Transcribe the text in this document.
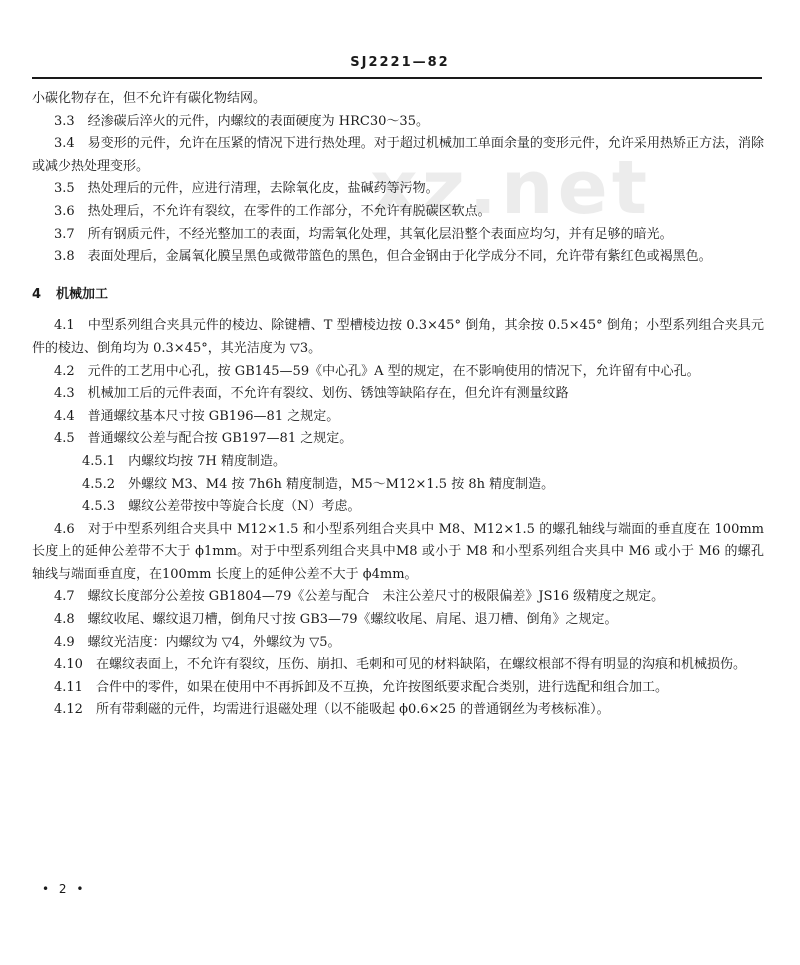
xz.net
SJ2221—82

小碳化物存在，但不允许有碳化物结网。

3.3　经渗碳后淬火的元件，内螺纹的表面硬度为 HRC30～35。

3.4　易变形的元件，允许在压紧的情况下进行热处理。对于超过机械加工单面余量的变形元件，允许采用热矫正方法，消除或减少热处理变形。

3.5　热处理后的元件，应进行清理，去除氧化皮，盐碱药等污物。

3.6　热处理后，不允许有裂纹，在零件的工作部分，不允许有脱碳区软点。

3.7　所有钢质元件，不经光整加工的表面，均需氧化处理，其氧化层沿整个表面应均匀，并有足够的暗光。

3.8　表面处理后，金属氧化膜呈黑色或微带篮色的黑色，但合金钢由于化学成分不同，允许带有紫红色或褐黑色。

4 机械加工

4.1　中型系列组合夹具元件的棱边、除键槽、T 型槽棱边按 0.3×45° 倒角，其余按 0.5×45° 倒角；小型系列组合夹具元件的棱边、倒角均为 0.3×45°，其光洁度为 ▽3。

4.2　元件的工艺用中心孔，按 GB145—59《中心孔》A 型的规定，在不影响使用的情况下，允许留有中心孔。

4.3　机械加工后的元件表面，不允许有裂纹、划伤、锈蚀等缺陷存在，但允许有测量纹路

4.4　普通螺纹基本尺寸按 GB196—81 之规定。

4.5　普通螺纹公差与配合按 GB197—81 之规定。

4.5.1　内螺纹均按 7H 精度制造。

4.5.2　外螺纹 M3、M4 按 7h6h 精度制造，M5～M12×1.5 按 8h 精度制造。

4.5.3　螺纹公差带按中等旋合长度（N）考虑。

4.6　对于中型系列组合夹具中 M12×1.5 和小型系列组合夹具中 M8、M12×1.5 的螺孔轴线与端面的垂直度在 100mm 长度上的延伸公差带不大于 ϕ1mm。对于中型系列组合夹具中M8 或小于 M8 和小型系列组合夹具中 M6 或小于 M6 的螺孔轴线与端面垂直度，在100mm 长度上的延伸公差不大于 ϕ4mm。

4.7　螺纹长度部分公差按 GB1804—79《公差与配合　未注公差尺寸的极限偏差》JS16 级精度之规定。

4.8　螺纹收尾、螺纹退刀槽，倒角尺寸按 GB3—79《螺纹收尾、肩尾、退刀槽、倒角》之规定。

4.9　螺纹光洁度：内螺纹为 ▽4，外螺纹为 ▽5。

4.10　在螺纹表面上，不允许有裂纹，压伤、崩扣、毛刺和可见的材料缺陷，在螺纹根部不得有明显的沟痕和机械损伤。

4.11　合件中的零件，如果在使用中不再拆卸及不互换，允许按图纸要求配合类别，进行选配和组合加工。

4.12　所有带剩磁的元件，均需进行退磁处理（以不能吸起 ϕ0.6×25 的普通钢丝为考核标准）。

• 2 •
